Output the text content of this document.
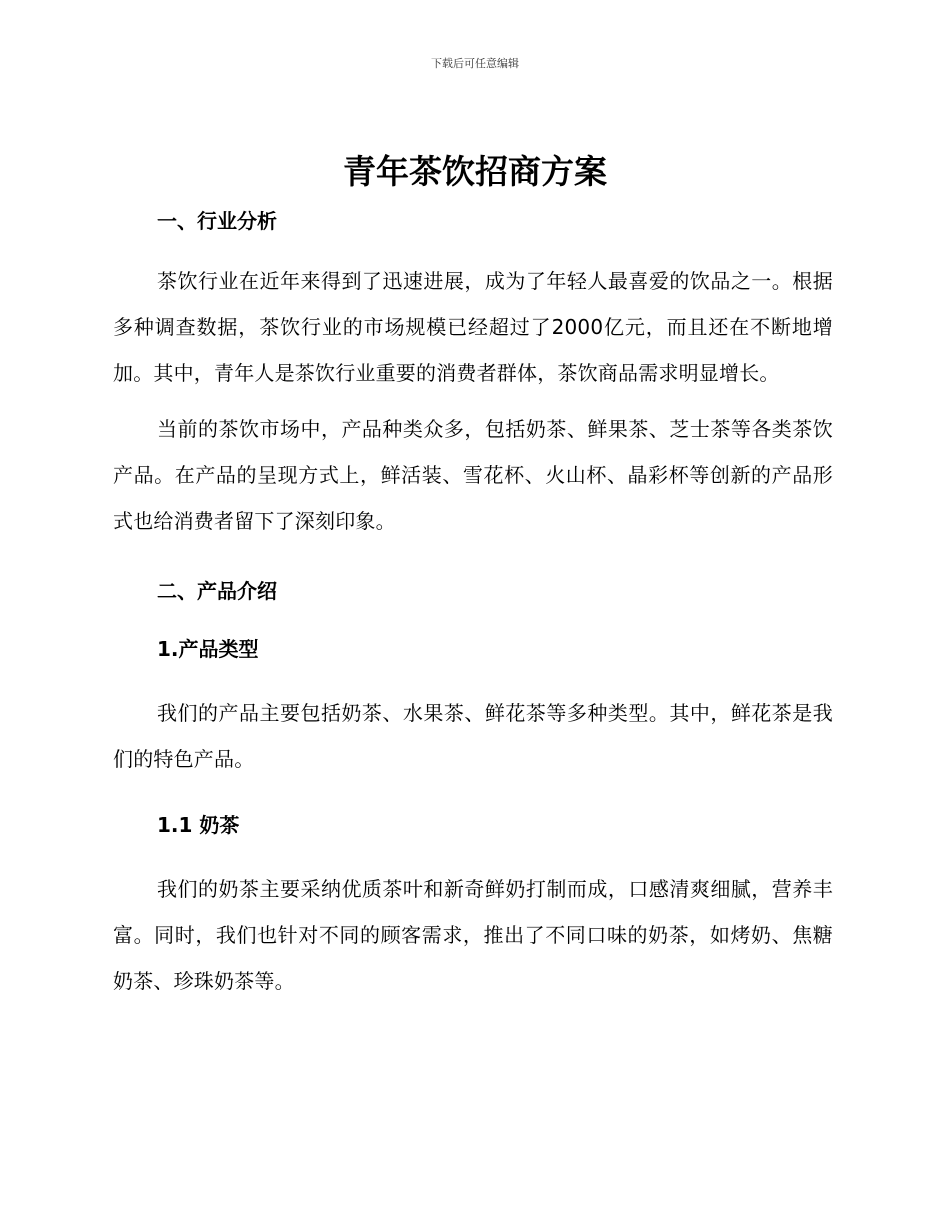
下载后可任意编辑
青年茶饮招商方案
一、行业分析

茶饮行业在近年来得到了迅速进展，成为了年轻人最喜爱的饮品之一。根据多种调查数据，茶饮行业的市场规模已经超过了2000亿元，而且还在不断地增加。其中，青年人是茶饮行业重要的消费者群体，茶饮商品需求明显增长。

当前的茶饮市场中，产品种类众多，包括奶茶、鲜果茶、芝士茶等各类茶饮产品。在产品的呈现方式上，鲜活装、雪花杯、火山杯、晶彩杯等创新的产品形式也给消费者留下了深刻印象。

二、产品介绍
1.产品类型

我们的产品主要包括奶茶、水果茶、鲜花茶等多种类型。其中，鲜花茶是我们的特色产品。

1.1 奶茶

我们的奶茶主要采纳优质茶叶和新奇鲜奶打制而成，口感清爽细腻，营养丰富。同时，我们也针对不同的顾客需求，推出了不同口味的奶茶，如烤奶、焦糖奶茶、珍珠奶茶等。
